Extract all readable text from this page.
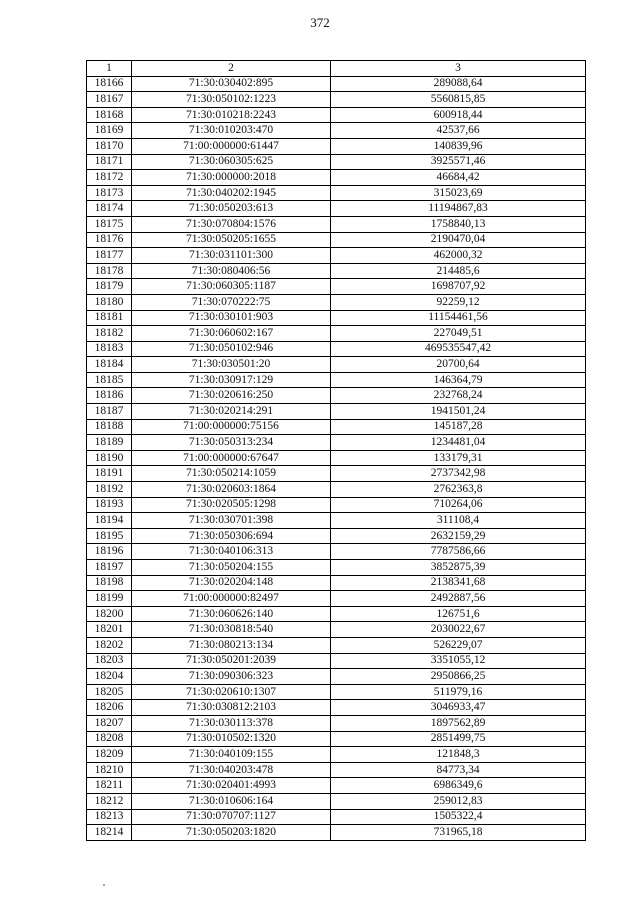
372
1	2	3
18166	71:30:030402:895	289088,64
18167	71:30:050102:1223	5560815,85
18168	71:30:010218:2243	600918,44
18169	71:30:010203:470	42537,66
18170	71:00:000000:61447	140839,96
18171	71:30:060305:625	3925571,46
18172	71:30:000000:2018	46684,42
18173	71:30:040202:1945	315023,69
18174	71:30:050203:613	11194867,83
18175	71:30:070804:1576	1758840,13
18176	71:30:050205:1655	2190470,04
18177	71:30:031101:300	462000,32
18178	71:30:080406:56	214485,6
18179	71:30:060305:1187	1698707,92
18180	71:30:070222:75	92259,12
18181	71:30:030101:903	11154461,56
18182	71:30:060602:167	227049,51
18183	71:30:050102:946	469535547,42
18184	71:30:030501:20	20700,64
18185	71:30:030917:129	146364,79
18186	71:30:020616:250	232768,24
18187	71:30:020214:291	1941501,24
18188	71:00:000000:75156	145187,28
18189	71:30:050313:234	1234481,04
18190	71:00:000000:67647	133179,31
18191	71:30:050214:1059	2737342,98
18192	71:30:020603:1864	2762363,8
18193	71:30:020505:1298	710264,06
18194	71:30:030701:398	311108,4
18195	71:30:050306:694	2632159,29
18196	71:30:040106:313	7787586,66
18197	71:30:050204:155	3852875,39
18198	71:30:020204:148	2138341,68
18199	71:00:000000:82497	2492887,56
18200	71:30:060626:140	126751,6
18201	71:30:030818:540	2030022,67
18202	71:30:080213:134	526229,07
18203	71:30:050201:2039	3351055,12
18204	71:30:090306:323	2950866,25
18205	71:30:020610:1307	511979,16
18206	71:30:030812:2103	3046933,47
18207	71:30:030113:378	1897562,89
18208	71:30:010502:1320	2851499,75
18209	71:30:040109:155	121848,3
18210	71:30:040203:478	84773,34
18211	71:30:020401:4993	6986349,6
18212	71:30:010606:164	259012,83
18213	71:30:070707:1127	1505322,4
18214	71:30:050203:1820	731965,18
